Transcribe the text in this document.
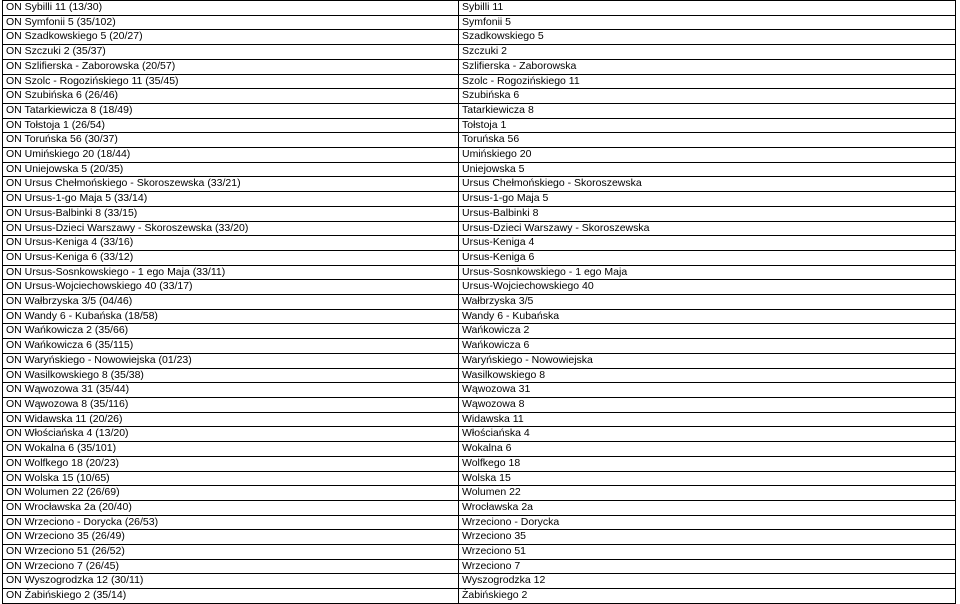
ON Sybilli 11 (13/30)	Sybilli 11
ON Symfonii 5 (35/102)	Symfonii 5
ON Szadkowskiego 5 (20/27)	Szadkowskiego 5
ON Szczuki 2 (35/37)	Szczuki 2
ON Szlifierska - Zaborowska (20/57)	Szlifierska - Zaborowska
ON Szolc - Rogozińskiego 11 (35/45)	Szolc - Rogozińskiego 11
ON Szubińska 6 (26/46)	Szubińska 6
ON Tatarkiewicza 8 (18/49)	Tatarkiewicza 8
ON Tołstoja 1 (26/54)	Tołstoja 1
ON Toruńska 56 (30/37)	Toruńska 56
ON Umińskiego 20 (18/44)	Umińskiego 20
ON Uniejowska 5 (20/35)	Uniejowska 5
ON Ursus Chełmońskiego - Skoroszewska (33/21)	Ursus Chełmońskiego - Skoroszewska
ON Ursus-1-go Maja 5 (33/14)	Ursus-1-go Maja 5
ON Ursus-Balbinki 8 (33/15)	Ursus-Balbinki 8
ON Ursus-Dzieci Warszawy - Skoroszewska (33/20)	Ursus-Dzieci Warszawy - Skoroszewska
ON Ursus-Keniga 4 (33/16)	Ursus-Keniga 4
ON Ursus-Keniga 6 (33/12)	Ursus-Keniga 6
ON Ursus-Sosnkowskiego - 1 ego Maja (33/11)	Ursus-Sosnkowskiego - 1 ego Maja
ON Ursus-Wojciechowskiego 40 (33/17)	Ursus-Wojciechowskiego 40
ON Wałbrzyska 3/5 (04/46)	Wałbrzyska 3/5
ON Wandy 6 - Kubańska (18/58)	Wandy 6 - Kubańska
ON Wańkowicza 2 (35/66)	Wańkowicza 2
ON Wańkowicza 6 (35/115)	Wańkowicza 6
ON Waryńskiego - Nowowiejska (01/23)	Waryńskiego - Nowowiejska
ON Wasilkowskiego 8 (35/38)	Wasilkowskiego 8
ON Wąwozowa 31 (35/44)	Wąwozowa 31
ON Wąwozowa 8 (35/116)	Wąwozowa 8
ON Widawska 11 (20/26)	Widawska 11
ON Włościańska 4 (13/20)	Włościańska 4
ON Wokalna 6 (35/101)	Wokalna 6
ON Wolfkego 18 (20/23)	Wolfkego 18
ON Wolska 15 (10/65)	Wolska 15
ON Wolumen 22 (26/69)	Wolumen 22
ON Wrocławska 2a (20/40)	Wrocławska 2a
ON Wrzeciono - Dorycka (26/53)	Wrzeciono - Dorycka
ON Wrzeciono 35 (26/49)	Wrzeciono 35
ON Wrzeciono 51 (26/52)	Wrzeciono 51
ON Wrzeciono 7 (26/45)	Wrzeciono 7
ON Wyszogrodzka 12 (30/11)	Wyszogrodzka 12
ON Żabińskiego 2 (35/14)	Żabińskiego 2
